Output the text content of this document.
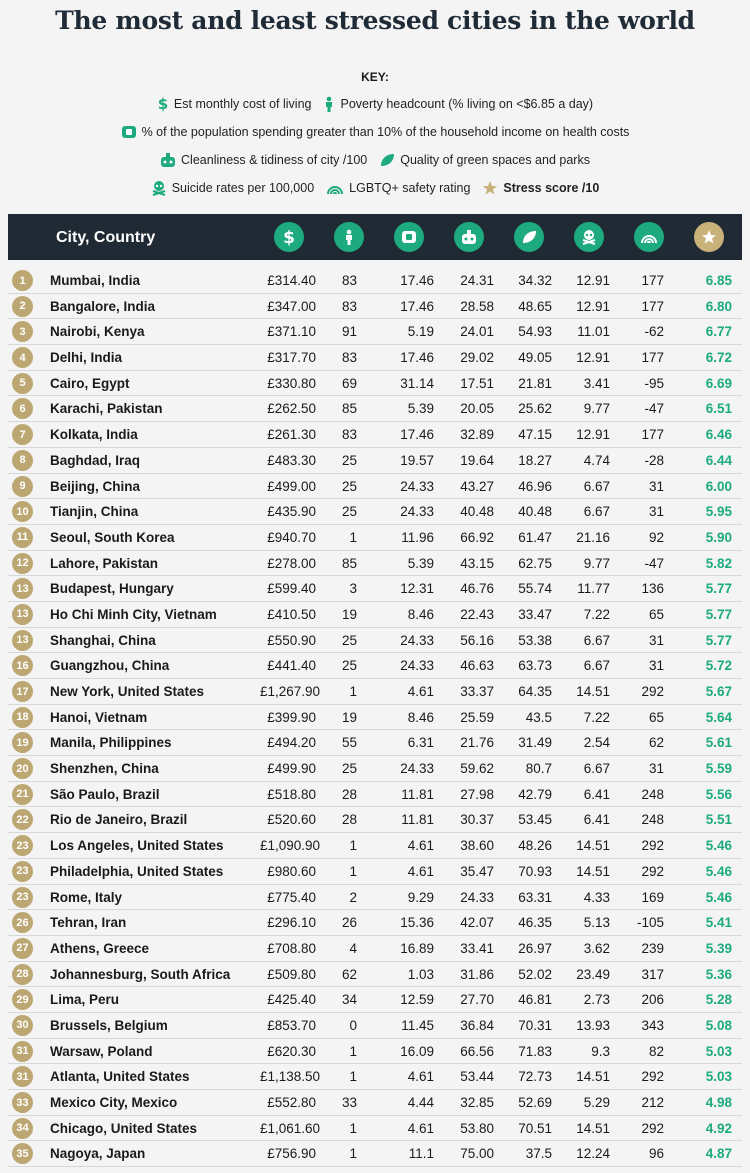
The most and least stressed cities in the world
KEY:
$ Est monthly cost of living Poverty headcount (% living on <$6.85 a day)
% of the population spending greater than 10% of the household income on health costs
Cleanliness & tidiness of city /100	Quality of green spaces and parks
Suicide rates per 100,000	LGBTQ+ safety rating	Stress score /10
City, Country	$
1	Mumbai, India	£314.40	83	17.46	24.31	34.32	12.91	177	6.85
2	Bangalore, India	£347.00	83	17.46	28.58	48.65	12.91	177	6.80
3	Nairobi, Kenya	£371.10	91	5.19	24.01	54.93	11.01	-62	6.77
4	Delhi, India	£317.70	83	17.46	29.02	49.05	12.91	177	6.72
5	Cairo, Egypt	£330.80	69	31.14	17.51	21.81	3.41	-95	6.69
6	Karachi, Pakistan	£262.50	85	5.39	20.05	25.62	9.77	-47	6.51
7	Kolkata, India	£261.30	83	17.46	32.89	47.15	12.91	177	6.46
8	Baghdad, Iraq	£483.30	25	19.57	19.64	18.27	4.74	-28	6.44
9	Beijing, China	£499.00	25	24.33	43.27	46.96	6.67	31	6.00
10	Tianjin, China	£435.90	25	24.33	40.48	40.48	6.67	31	5.95
11	Seoul, South Korea	£940.70	1	11.96	66.92	61.47	21.16	92	5.90
12	Lahore, Pakistan	£278.00	85	5.39	43.15	62.75	9.77	-47	5.82
13	Budapest, Hungary	£599.40	3	12.31	46.76	55.74	11.77	136	5.77
13	Ho Chi Minh City, Vietnam	£410.50	19	8.46	22.43	33.47	7.22	65	5.77
13	Shanghai, China	£550.90	25	24.33	56.16	53.38	6.67	31	5.77
16	Guangzhou, China	£441.40	25	24.33	46.63	63.73	6.67	31	5.72
17	New York, United States	£1,267.90	1	4.61	33.37	64.35	14.51	292	5.67
18	Hanoi, Vietnam	£399.90	19	8.46	25.59	43.5	7.22	65	5.64
19	Manila, Philippines	£494.20	55	6.31	21.76	31.49	2.54	62	5.61
20	Shenzhen, China	£499.90	25	24.33	59.62	80.7	6.67	31	5.59
21	São Paulo, Brazil	£518.80	28	11.81	27.98	42.79	6.41	248	5.56
22	Rio de Janeiro, Brazil	£520.60	28	11.81	30.37	53.45	6.41	248	5.51
23	Los Angeles, United States	£1,090.90	1	4.61	38.60	48.26	14.51	292	5.46
23	Philadelphia, United States	£980.60	1	4.61	35.47	70.93	14.51	292	5.46
23	Rome, Italy	£775.40	2	9.29	24.33	63.31	4.33	169	5.46
26	Tehran, Iran	£296.10	26	15.36	42.07	46.35	5.13	-105	5.41
27	Athens, Greece	£708.80	4	16.89	33.41	26.97	3.62	239	5.39
28	Johannesburg, South Africa	£509.80	62	1.03	31.86	52.02	23.49	317	5.36
29	Lima, Peru	£425.40	34	12.59	27.70	46.81	2.73	206	5.28
30	Brussels, Belgium	£853.70	0	11.45	36.84	70.31	13.93	343	5.08
31	Warsaw, Poland	£620.30	1	16.09	66.56	71.83	9.3	82	5.03
31	Atlanta, United States	£1,138.50	1	4.61	53.44	72.73	14.51	292	5.03
33	Mexico City, Mexico	£552.80	33	4.44	32.85	52.69	5.29	212	4.98
34	Chicago, United States	£1,061.60	1	4.61	53.80	70.51	14.51	292	4.92
35	Nagoya, Japan	£756.90	1	11.1	75.00	37.5	12.24	96	4.87
